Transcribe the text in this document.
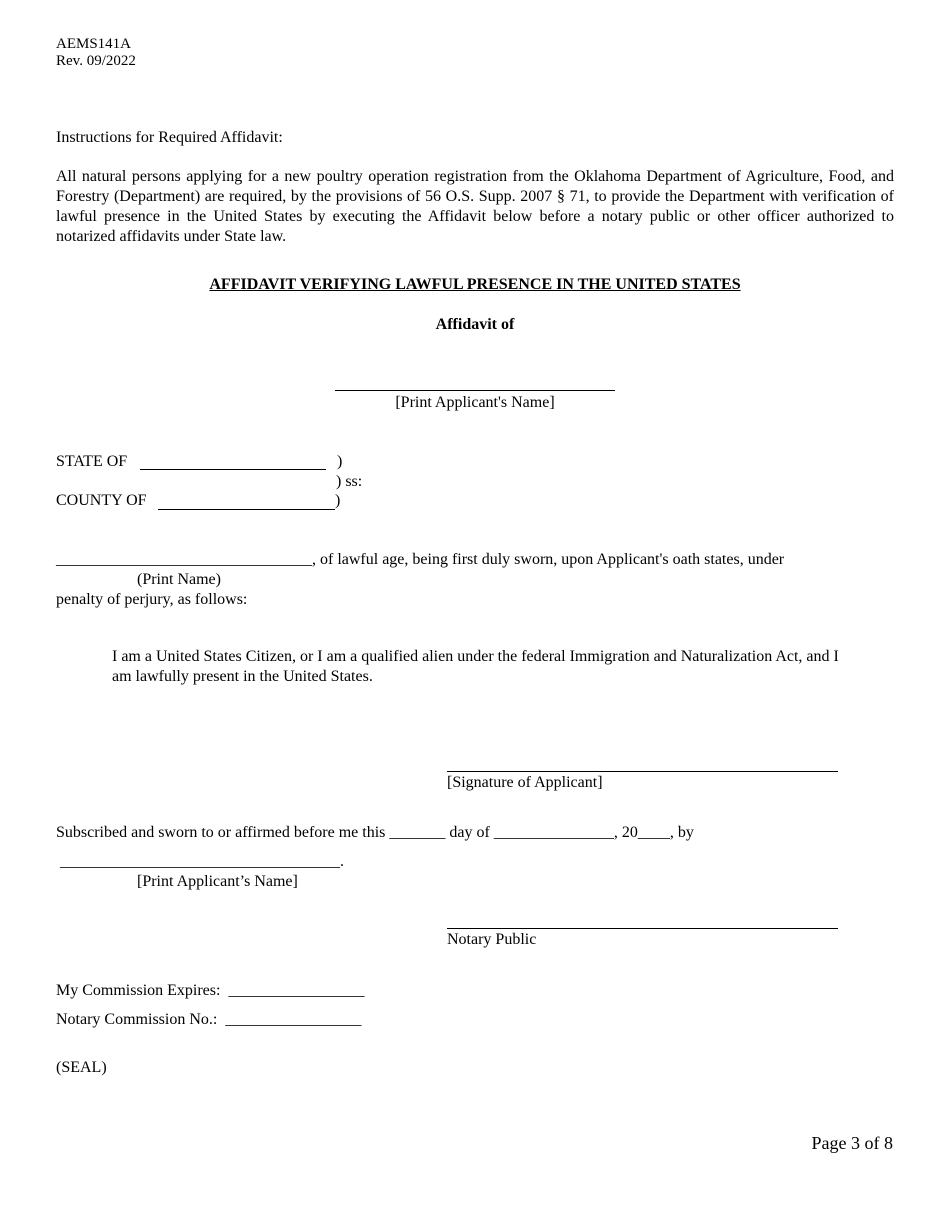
AEMS141A
Rev. 09/2022
Instructions for Required Affidavit:
All natural persons applying for a new poultry operation registration from the Oklahoma Department of Agriculture, Food, and Forestry (Department) are required, by the provisions of 56 O.S. Supp. 2007 § 71, to provide the Department with verification of lawful presence in the United States by executing the Affidavit below before a notary public or other officer authorized to notarized affidavits under State law.
AFFIDAVIT VERIFYING LAWFUL PRESENCE IN THE UNITED STATES
Affidavit of
[Print Applicant's Name]
STATE OF	)
) ss:
COUNTY OF	)
________________________________, of lawful age, being first duly sworn, upon Applicant's oath states, under
(Print Name)
penalty of perjury, as follows:
I am a United States Citizen, or I am a qualified alien under the federal Immigration and Naturalization Act, and I am lawfully present in the United States.
[Signature of Applicant]
Subscribed and sworn to or affirmed before me this _______ day of _______________, 20____, by
___________________________________.
[Print Applicant’s Name]
Notary Public
My Commission Expires: _________________
Notary Commission No.: _________________
(SEAL)
Page 3 of 8
